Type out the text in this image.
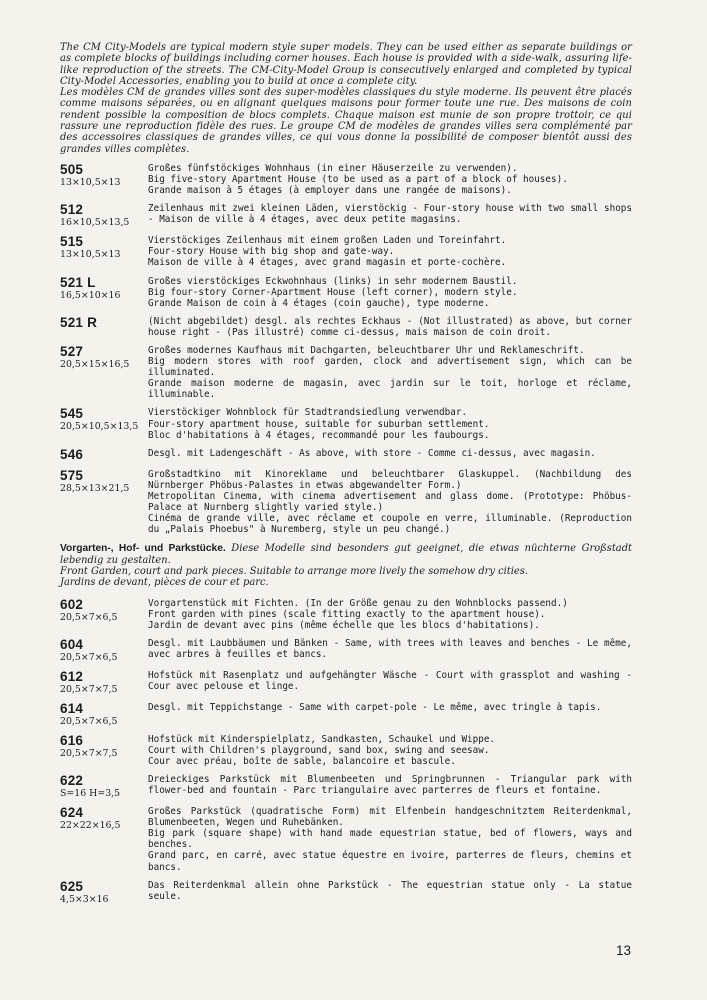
The CM City-Models are typical modern style super models. They can be used either as separate buildings or as complete blocks of buildings including corner houses. Each house is provided with a side-walk, assuring life-like reproduction of the streets. The CM-City-Model Group is consecutively enlarged and completed by typical City-Model Accessories, enabling you to build at once a complete city.

Les modèles CM de grandes villes sont des super-modèles classiques du style moderne. Ils peuvent être placés comme maisons séparées, ou en alignant quelques maisons pour former toute une rue. Des maisons de coin rendent possible la composition de blocs complets. Chaque maison est munie de son propre trottoir, ce qui rassure une reproduction fidèle des rues. Le groupe CM de modèles de grandes villes sera complémenté par des accessoires classiques de grandes villes, ce qui vous donne la possibilité de composer bientôt aussi des grandes villes complètes.

505
13×10,5×13
Großes fünfstöckiges Wohnhaus (in einer Häuserzeile zu verwenden).
Big five-story Apartment House (to be used as a part of a block of houses).
Grande maison à 5 étages (à employer dans une rangée de maisons).
512
16×10,5×13,5
Zeilenhaus mit zwei kleinen Läden, vierstöckig - Four-story house with two small shops - Maison de ville à 4 étages, avec deux petite magasins.
515
13×10,5×13
Vierstöckiges Zeilenhaus mit einem großen Laden und Toreinfahrt.
Four-story House with big shop and gate-way.
Maison de ville à 4 étages, avec grand magasin et porte-cochère.
521 L
16,5×10×16
Großes vierstöckiges Eckwohnhaus (links) in sehr modernem Baustil.
Big four-story Corner-Apartment House (left corner), modern style.
Grande Maison de coin à 4 étages (coin gauche), type moderne.
521 R	(Nicht abgebildet) desgl. als rechtes Eckhaus - (Not illustrated) as above, but corner house right - (Pas illustré) comme ci-dessus, mais maison de coin droit.
527
20,5×15×16,5
Großes modernes Kaufhaus mit Dachgarten, beleuchtbarer Uhr und Reklameschrift.
Big modern stores with roof garden, clock and advertisement sign, which can be illuminated.
Grande maison moderne de magasin, avec jardin sur le toit, horloge et réclame, illuminable.
545
20,5×10,5×13,5
Vierstöckiger Wohnblock für Stadtrandsiedlung verwendbar.
Four-story apartment house, suitable for suburban settlement.
Bloc d'habitations à 4 étages, recommandé pour les faubourgs.
546	Desgl. mit Ladengeschäft - As above, with store - Comme ci-dessus, avec magasin.
575
28,5×13×21,5
Großstadtkino mit Kinoreklame und beleuchtbarer Glaskuppel. (Nachbildung des Nürnberger Phöbus-Palastes in etwas abgewandelter Form.)
Metropolitan Cinema, with cinema advertisement and glass dome. (Prototype: Phöbus-Palace at Nurnberg slightly varied style.)
Cinéma de grande ville, avec réclame et coupole en verre, illuminable. (Reproduction du „Palais Phoebus" à Nuremberg, style un peu changé.)
Vorgarten-, Hof- und Parkstücke. Diese Modelle sind besonders gut geeignet, die etwas nüchterne Großstadt lebendig zu gestalten.
Front Garden, court and park pieces. Suitable to arrange more lively the somehow dry cities.
Jardins de devant, pièces de cour et parc.
602
20,5×7×6,5
Vorgartenstück mit Fichten. (In der Größe genau zu den Wohnblocks passend.)
Front garden with pines (scale fitting exactly to the apartment house).
Jardin de devant avec pins (même échelle que les blocs d'habitations).
604
20,5×7×6,5
Desgl. mit Laubbäumen und Bänken - Same, with trees with leaves and benches - Le même, avec arbres à feuilles et bancs.
612
20,5×7×7,5
Hofstück mit Rasenplatz und aufgehängter Wäsche - Court with grassplot and washing - Cour avec pelouse et linge.
614
20,5×7×6,5
Desgl. mit Teppichstange - Same with carpet-pole - Le même, avec tringle à tapis.
616
20,5×7×7,5
Hofstück mit Kinderspielplatz, Sandkasten, Schaukel und Wippe.
Court with Children's playground, sand box, swing and seesaw.
Cour avec préau, boîte de sable, balancoire et bascule.
622
S=16 H=3,5
Dreieckiges Parkstück mit Blumenbeeten und Springbrunnen - Triangular park with flower-bed and fountain - Parc triangulaire avec parterres de fleurs et fontaine.
624
22×22×16,5
Großes Parkstück (quadratische Form) mit Elfenbein handgeschnitztem Reiterdenkmal, Blumenbeeten, Wegen und Ruhebänken.
Big park (square shape) with hand made equestrian statue, bed of flowers, ways and benches.
Grand parc, en carré, avec statue équestre en ivoire, parterres de fleurs, chemins et bancs.
625
4,5×3×16
Das Reiterdenkmal allein ohne Parkstück - The equestrian statue only - La statue seule.
13
